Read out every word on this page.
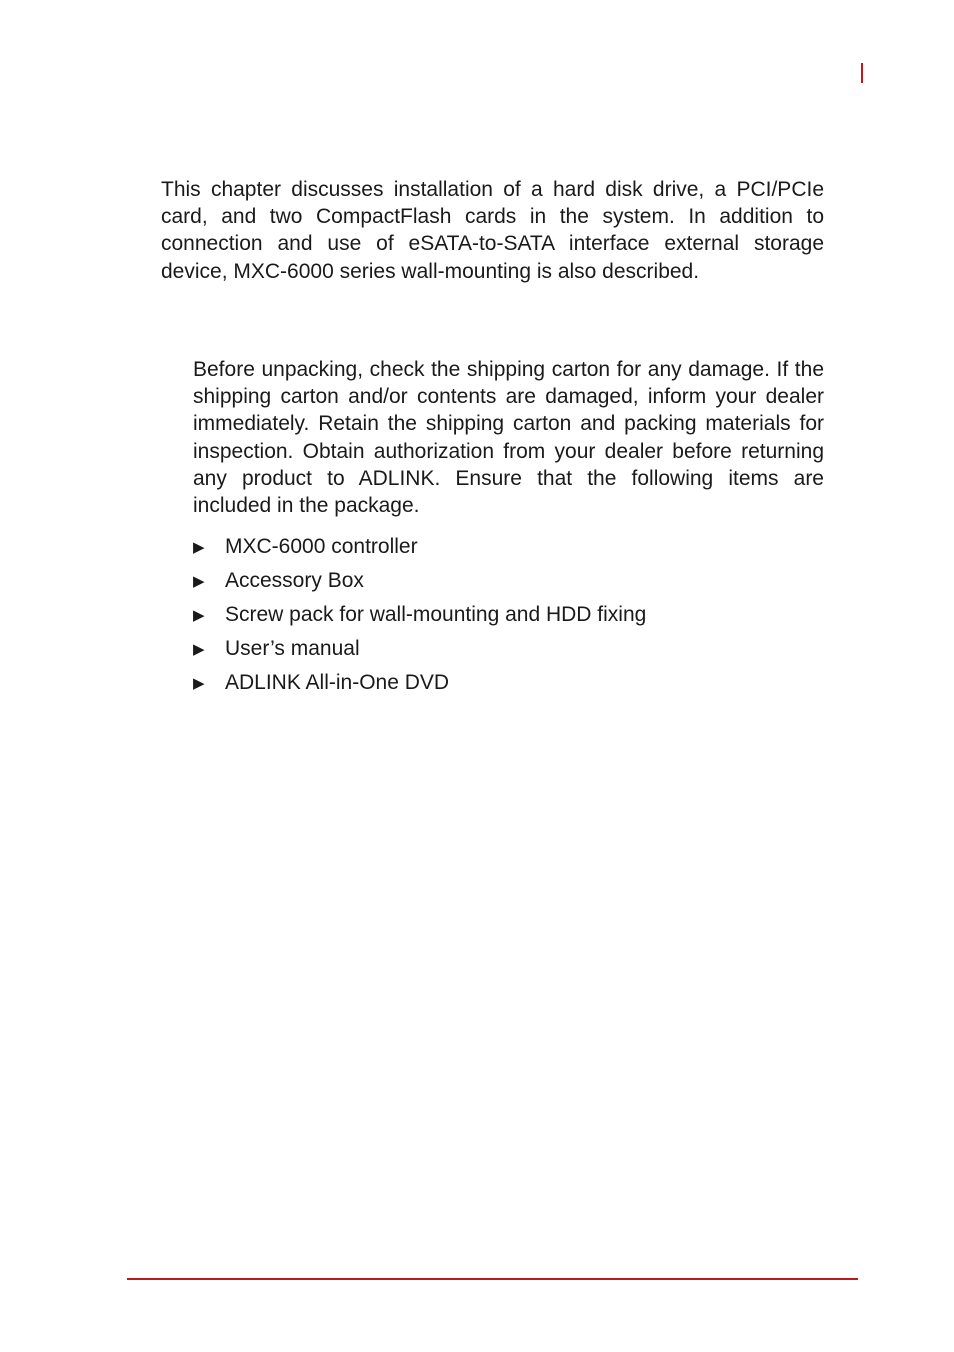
This chapter discusses installation of a hard disk drive, a PCI/PCIe card, and two CompactFlash cards in the system. In addition to connection and use of eSATA-to-SATA interface external storage device, MXC-6000 series wall-mounting is also described.

Before unpacking, check the shipping carton for any damage. If the shipping carton and/or contents are damaged, inform your dealer immediately. Retain the shipping carton and packing materials for inspection. Obtain authorization from your dealer before returning any product to ADLINK. Ensure that the following items are included in the package.

▶ MXC-6000 controller
▶ Accessory Box
▶ Screw pack for wall-mounting and HDD fixing
▶ User’s manual
▶ ADLINK All-in-One DVD
